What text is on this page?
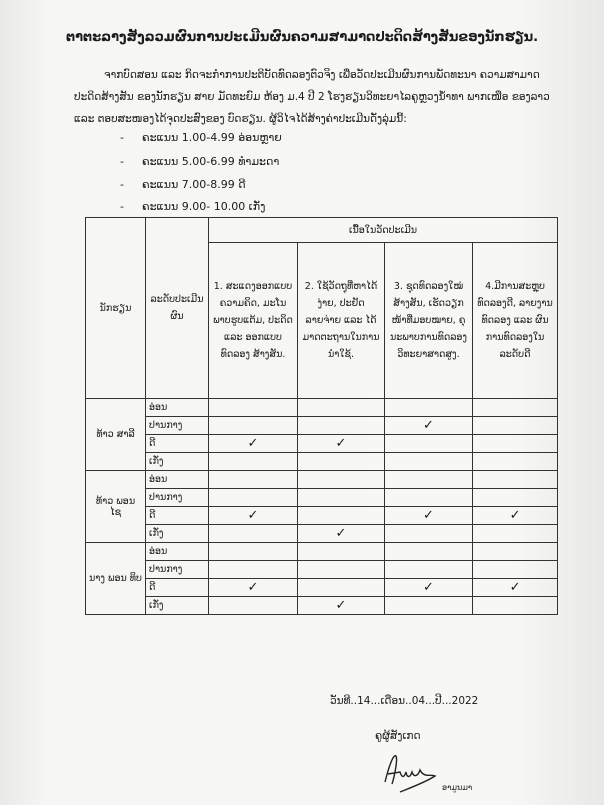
ຕາຕະລາງສັງລວມຜົນການປະເມີນຜົນຄວາມສາມາດປະດິດສ້າງສັນຂອງນັກຮຽນ.
ຈາກບົດສອນ ແລະ ກິດຈະກຳການປະຕິບັດທົດລອງຕົວຈິງ ເພື່ອວັດປະເມີນຜົນການພັດທະນາ ຄວາມສາມາດ ປະດິດສ້າງສັນ ຂອງນັກຮຽນ ສາຍ ມັດທະຍົມ ຫ້ອງ ມ.4 ປີ 2 ໂຮງຮຽນວິທະຍາໄລຄູຫຼວງນ້ຳທາ ພາກເໜືອ ຂອງລາວ ແລະ ຕອບສະໜອງໄດ້ຈຸດປະສົງຂອງ ບົດຮຽນ. ຜູ້ວິໄຈໄດ້ສ້າງຄ່າປະເມີນດັ່ງລຸ່ມນີ້:
- ຄະແນນ 1.00-4.99 ອ່ອນຫຼາຍ
- ຄະແນນ 5.00-6.99 ທຳມະດາ
- ຄະແນນ 7.00-8.99 ດີ
- ຄະແນນ 9.00- 10.00 ເກັ່ງ
ນັກຮຽນ	ລະດັບປະເມີນຜົນ	ເນື້ອໃນວັດປະເມີນ			
		1. ສະແດງອອກແບບຄວາມຄິດ, ມະໂນພາບຮູບແຕ້ມ, ປະດິດ ແລະ ອອກແບບທົດລອງ ສ້າງສັນ.	2. ໃຊ້ວັດຖຸທີ່ຫາໄດ້ງ່າຍ, ປະຢັດລາຍຈ່າຍ ແລະ ໄດ້ມາດຕະຖານໃນການນຳໃຊ້.	3. ຊຸດທົດລອງໃໝ່ສ້າງສັນ, ເຮັດວຽກໜ້າທີ່ມອບໝາຍ, ຄຸນະພາບການທົດລອງວິທະຍາສາດສູງ.	4.ມີການສະຫຼຸບທົດລອງດີ, ລາຍງານທົດລອງ ແລະ ຜົນການທົດລອງໃນລະດັບດີ
ທ້າວ ສາລີ	ອ່ອນ				
	ປານກາງ			✓	
	ດີ	✓	✓		
	ເກັ່ງ				
ທ້າວ ພອນ ໄຊ	ອ່ອນ				
	ປານກາງ				
	ດີ	✓		✓	✓
	ເກັ່ງ		✓		
ນາງ ພອນ ທິບ	ອ່ອນ				
	ປານກາງ				
	ດີ	✓		✓	✓
	ເກັ່ງ		✓		
ວັນທີ..14...ເດືອນ..04...ປີ...2022
ຄູຜູ້ສັງເກດ
ອາມູນມາ
